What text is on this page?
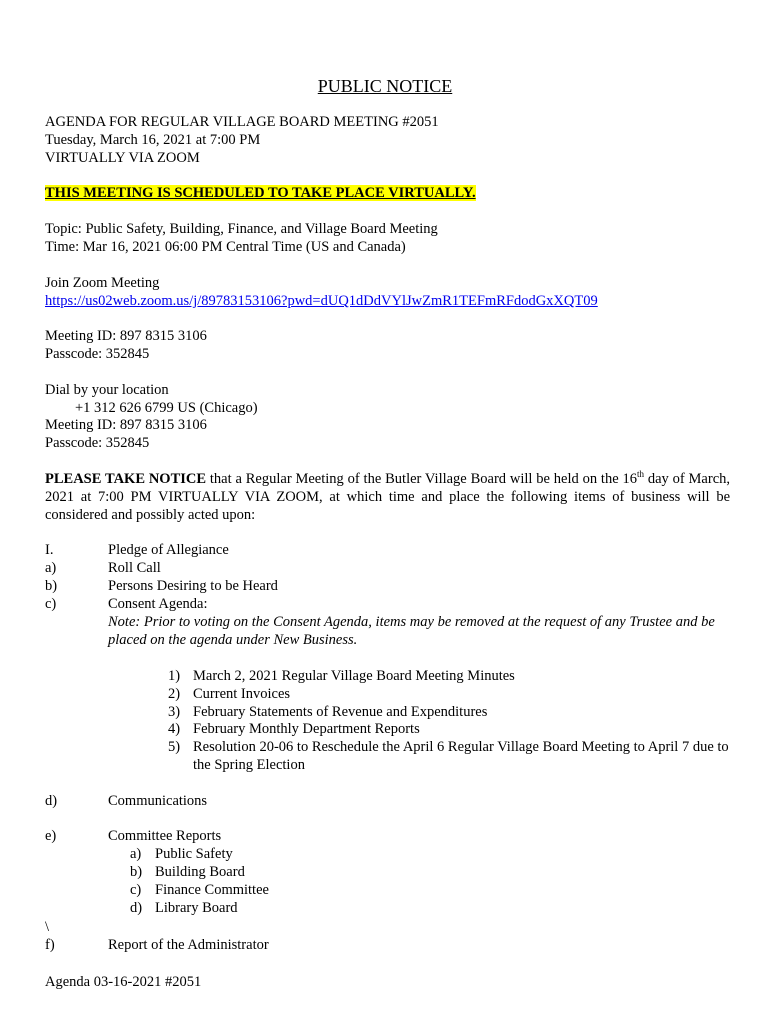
PUBLIC NOTICE
AGENDA FOR REGULAR VILLAGE BOARD MEETING #2051
Tuesday, March 16, 2021 at 7:00 PM
VIRTUALLY VIA ZOOM
THIS MEETING IS SCHEDULED TO TAKE PLACE VIRTUALLY.
Topic: Public Safety, Building, Finance, and Village Board Meeting
Time: Mar 16, 2021 06:00 PM Central Time (US and Canada)
Join Zoom Meeting
https://us02web.zoom.us/j/89783153106?pwd=dUQ1dDdVYlJwZmR1TEFmRFdodGxXQT09
Meeting ID: 897 8315 3106
Passcode: 352845
Dial by your location
+1 312 626 6799 US (Chicago)
Meeting ID: 897 8315 3106
Passcode: 352845
PLEASE TAKE NOTICE that a Regular Meeting of the Butler Village Board will be held on the 16th day of March, 2021 at 7:00 PM VIRTUALLY VIA ZOOM, at which time and place the following items of business will be considered and possibly acted upon:
I.	Pledge of Allegiance
a)	Roll Call
b)	Persons Desiring to be Heard
c)	Consent Agenda:
Note: Prior to voting on the Consent Agenda, items may be removed at the request of any Trustee and be placed on the agenda under New Business.
1) March 2, 2021 Regular Village Board Meeting Minutes
2) Current Invoices
3) February Statements of Revenue and Expenditures
4) February Monthly Department Reports
5) Resolution 20-06 to Reschedule the April 6 Regular Village Board Meeting to April 7 due to the Spring Election
d)	Communications
e)	Committee Reports
a) Public Safety
b) Building Board
c) Finance Committee
d) Library Board
\
f)	Report of the Administrator
Agenda 03-16-2021 #2051
